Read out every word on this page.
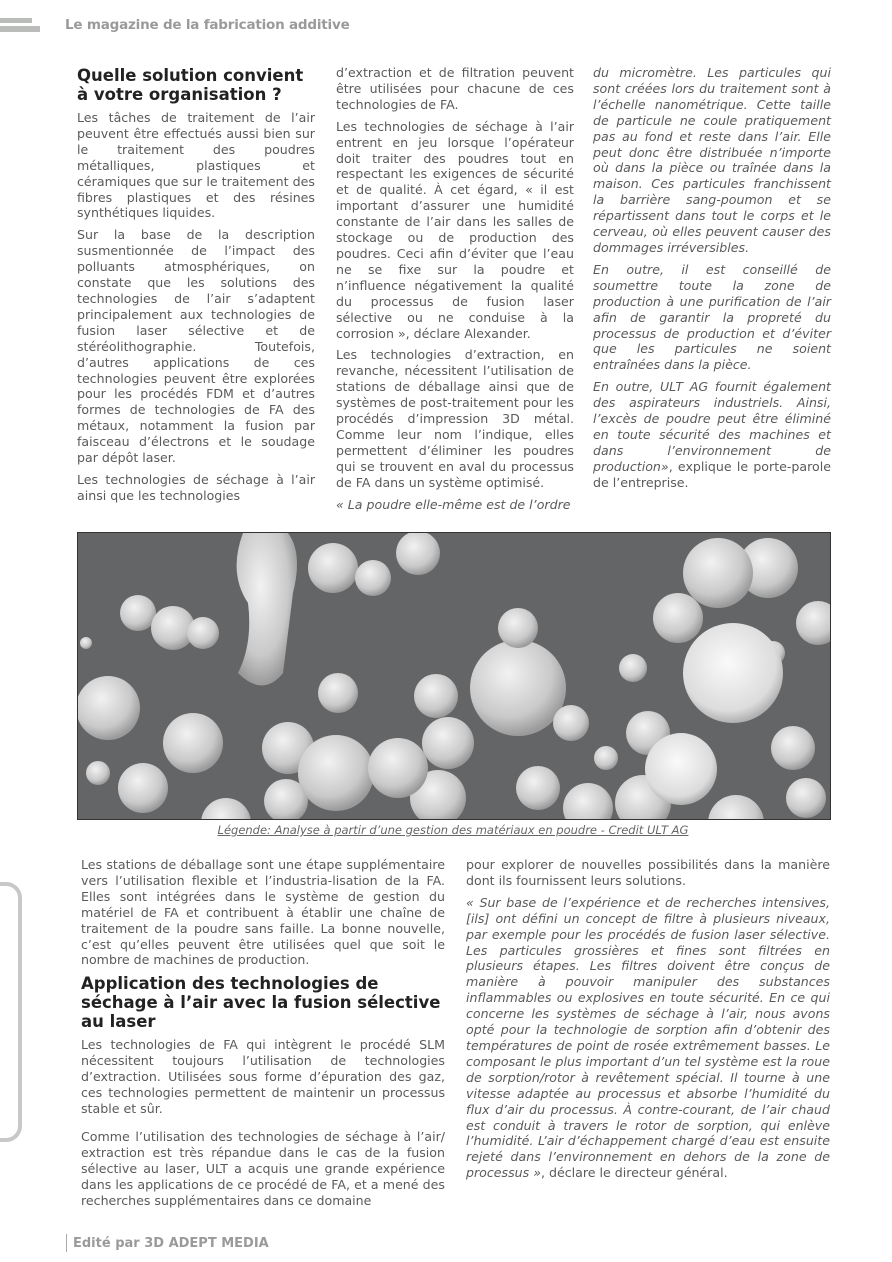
Le magazine de la fabrication additive
Quelle solution convient à votre organisation ?

Les tâches de traitement de l’air peuvent être effectués aussi bien sur le traitement des poudres métalliques, plastiques et céramiques que sur le traitement des fibres plastiques et des résines synthétiques liquides.

Sur la base de la description susmentionnée de l’impact des polluants atmosphériques, on constate que les solutions des technologies de l’air s’adaptent principalement aux technologies de fusion laser sélective et de stéréolithographie. Toutefois, d’autres applications de ces technologies peuvent être explorées pour les procédés FDM et d’autres formes de technologies de FA des métaux, notamment la fusion par faisceau d’électrons et le soudage par dépôt laser.

Les technologies de séchage à l’air ainsi que les technologies

d’extraction et de filtration peuvent être utilisées pour chacune de ces technologies de FA.

Les technologies de séchage à l’air entrent en jeu lorsque l’opérateur doit traiter des poudres tout en respectant les exigences de sécurité et de qualité. À cet égard, « il est important d’assurer une humidité constante de l’air dans les salles de stockage ou de production des poudres. Ceci afin d’éviter que l’eau ne se fixe sur la poudre et n’influence négativement la qualité du processus de fusion laser sélective ou ne conduise à la corrosion », déclare Alexander.

Les technologies d’extraction, en revanche, nécessitent l’utilisation de stations de déballage ainsi que de systèmes de post-traitement pour les procédés d’impression 3D métal. Comme leur nom l’indique, elles permettent d’éliminer les poudres qui se trouvent en aval du processus de FA dans un système optimisé.

« La poudre elle-même est de l’ordre

du micromètre. Les particules qui sont créées lors du traitement sont à l’échelle nanométrique. Cette taille de particule ne coule pratiquement pas au fond et reste dans l’air. Elle peut donc être distribuée n’importe où dans la pièce ou traînée dans la maison. Ces particules franchissent la barrière sang-poumon et se répartissent dans tout le corps et le cerveau, où elles peuvent causer des dommages irréversibles.

En outre, il est conseillé de soumettre toute la zone de production à une purification de l’air afin de garantir la propreté du processus de production et d’éviter que les particules ne soient entraînées dans la pièce.

En outre, ULT AG fournit également des aspirateurs industriels. Ainsi, l’excès de poudre peut être éliminé en toute sécurité des machines et dans l’environnement de production», explique le porte-parole de l’entreprise.

Légende: Analyse à partir d’une gestion des matériaux en poudre - Credit ULT AG

Les stations de déballage sont une étape supplémentaire vers l’utilisation flexible et l’industria-lisation de la FA. Elles sont intégrées dans le système de gestion du matériel de FA et contribuent à établir une chaîne de traitement de la poudre sans faille. La bonne nouvelle, c’est qu’elles peuvent être utilisées quel que soit le nombre de machines de production.

Application des technologies de séchage à l’air avec la fusion sélective au laser

Les technologies de FA qui intègrent le procédé SLM nécessitent toujours l’utilisation de technologies d’extraction. Utilisées sous forme d’épuration des gaz, ces technologies permettent de maintenir un processus stable et sûr.

Comme l’utilisation des technologies de séchage à l’air/ extraction est très répandue dans le cas de la fusion sélective au laser, ULT a acquis une grande expérience dans les applications de ce procédé de FA, et a mené des recherches supplémentaires dans ce domaine

pour explorer de nouvelles possibilités dans la manière dont ils fournissent leurs solutions.

« Sur base de l’expérience et de recherches intensives, [ils] ont défini un concept de filtre à plusieurs niveaux, par exemple pour les procédés de fusion laser sélective. Les particules grossières et fines sont filtrées en plusieurs étapes. Les filtres doivent être conçus de manière à pouvoir manipuler des substances inflammables ou explosives en toute sécurité. En ce qui concerne les systèmes de séchage à l’air, nous avons opté pour la technologie de sorption afin d’obtenir des températures de point de rosée extrêmement basses. Le composant le plus important d’un tel système est la roue de sorption/rotor à revêtement spécial. Il tourne à une vitesse adaptée au processus et absorbe l’humidité du flux d’air du processus. À contre-courant, de l’air chaud est conduit à travers le rotor de sorption, qui enlève l’humidité. L’air d’échappement chargé d’eau est ensuite rejeté dans l’environnement en dehors de la zone de processus », déclare le directeur général.

Edité par 3D ADEPT MEDIA
